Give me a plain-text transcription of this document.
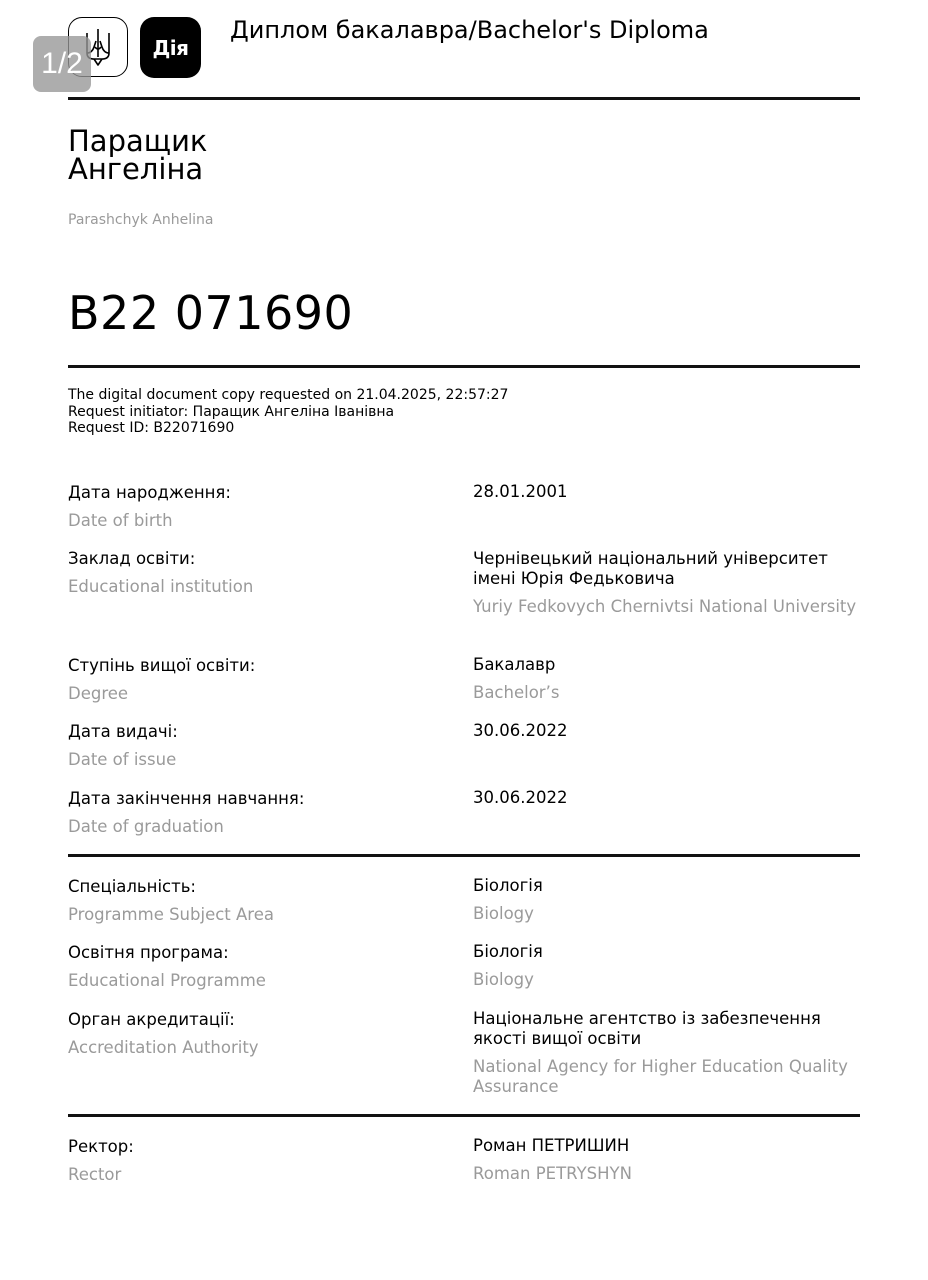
Дія
Диплом бакалавра/Bachelor's Diploma
1/2
Паращик
Ангеліна
Parashchyk Anhelina
B22 071690
The digital document copy requested on 21.04.2025, 22:57:27
Request initiator: Паращик Ангеліна Іванівна
Request ID: B22071690
Дата народження:
Date of birth
28.01.2001
Заклад освіти:
Educational institution
Чернівецький національний університет імені Юрія Федьковича
Yuriy Fedkovych Chernivtsi National University
Ступінь вищої освіти:
Degree
Бакалавр
Bachelor’s
Дата видачі:
Date of issue
30.06.2022
Дата закінчення навчання:
Date of graduation
30.06.2022
Спеціальність:
Programme Subject Area
Біологія
Biology
Освітня програма:
Educational Programme
Біологія
Biology
Орган акредитації:
Accreditation Authority
Національне агентство із забезпечення якості вищої освіти
National Agency for Higher Education Quality Assurance
Ректор:
Rector
Роман ПЕТРИШИН
Roman PETRYSHYN
